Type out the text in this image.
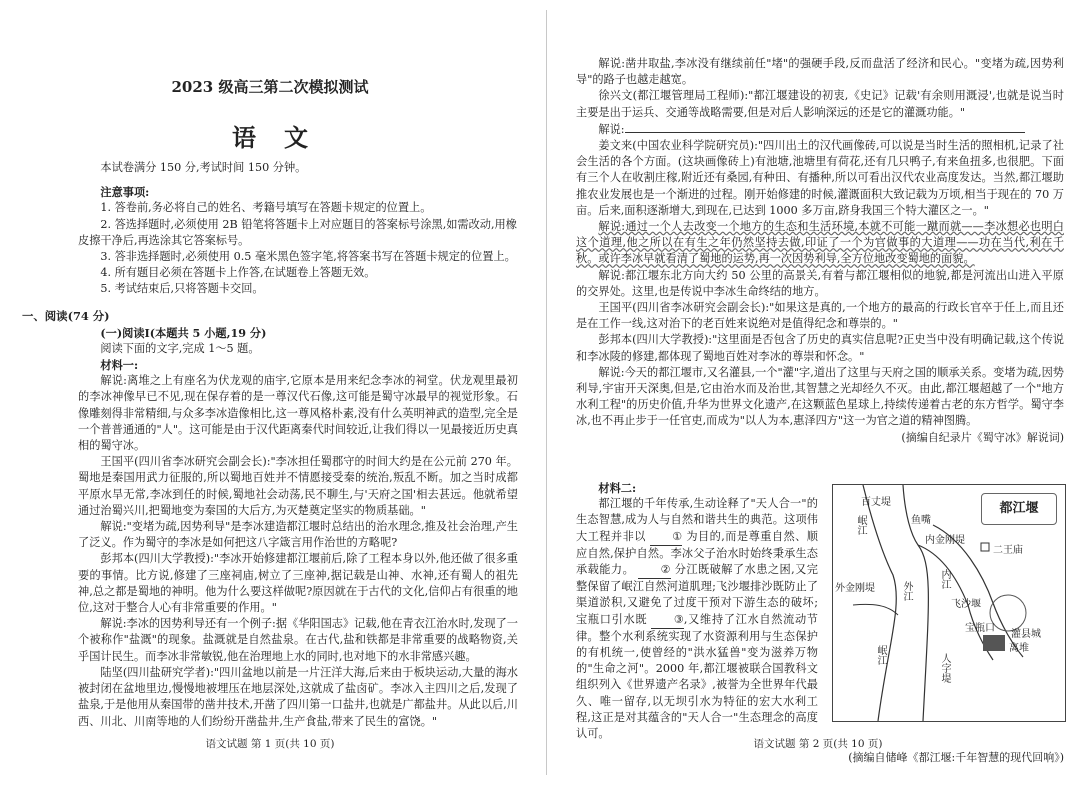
2023 级高三第二次模拟测试
语文

本试卷满分 150 分,考试时间 150 分钟。

注意事项:

1. 答卷前,务必将自己的姓名、考籍号填写在答题卡规定的位置上。

2. 答选择题时,必须使用 2B 铅笔将答题卡上对应题目的答案标号涂黑,如需改动,用橡皮擦干净后,再选涂其它答案标号。

3. 答非选择题时,必须使用 0.5 毫米黑色签字笔,将答案书写在答题卡规定的位置上。

4. 所有题目必须在答题卡上作答,在试题卷上答题无效。

5. 考试结束后,只将答题卡交回。

一、阅读(74 分)

(一)阅读Ⅰ(本题共 5 小题,19 分)

阅读下面的文字,完成 1～5 题。

材料一:

解说:离堆之上有座名为伏龙观的庙宇,它原本是用来纪念李冰的祠堂。伏龙观里最初的李冰神像早已不见,现在保存着的是一尊汉代石像,这可能是蜀守冰最早的视觉形象。石像雕刻得非常精细,与众多李冰造像相比,这一尊风格朴素,没有什么英明神武的造型,完全是一个普普通通的"人"。这可能是由于汉代距离秦代时间较近,让我们得以一见最接近历史真相的蜀守冰。

王国平(四川省李冰研究会副会长):"李冰担任蜀郡守的时间大约是在公元前 270 年。蜀地是秦国用武力征服的,所以蜀地百姓并不情愿接受秦的统治,叛乱不断。加之当时成都平原水旱无常,李冰到任的时候,蜀地社会动荡,民不聊生,与'天府之国'相去甚远。他就希望通过治蜀兴川,把蜀地变为秦国的大后方,为灭楚奠定坚实的物质基础。"

解说:"变堵为疏,因势利导"是李冰建造都江堰时总结出的治水理念,推及社会治理,产生了泛义。作为蜀守的李冰是如何把这八字箴言用作治世的方略呢?

彭邦本(四川大学教授):"李冰开始修建都江堰前后,除了工程本身以外,他还做了很多重要的事情。比方说,修建了三座祠庙,树立了三座神,据记载是山神、水神,还有蜀人的祖先神,总之都是蜀地的神明。他为什么要这样做呢?原因就在于古代的文化,信仰占有很重的地位,这对于整合人心有非常重要的作用。"

解说:李冰的因势利导还有一个例子:据《华阳国志》记载,他在青衣江治水时,发现了一个被称作"盐溉"的现象。盐溉就是自然盐泉。在古代,盐和铁都是非常重要的战略物资,关乎国计民生。而李冰非常敏锐,他在治理地上水的同时,也对地下的水非常感兴趣。

陆坚(四川盐研究学者):"四川盆地以前是一片汪洋大海,后来由于板块运动,大量的海水被封闭在盆地里边,慢慢地被埋压在地层深处,这就成了盐卤矿。李冰入主四川之后,发现了盐泉,于是他用从秦国带的凿井技术,开凿了四川第一口盐井,也就是广都盐井。从此以后,川西、川北、川南等地的人们纷纷开凿盐井,生产食盐,带来了民生的富饶。"

语文试题 第 1 页(共 10 页)

解说:凿井取盐,李冰没有继续前任"堵"的强硬手段,反而盘活了经济和民心。"变堵为疏,因势利导"的路子也越走越宽。

徐兴文(都江堰管理局工程师):"都江堰建设的初衷,《史记》记载'有余则用溉浸',也就是说当时主要是出于运兵、交通等战略需要,但是对后人影响深远的还是它的灌溉功能。"

解说:

姜文来(中国农业科学院研究员):"四川出土的汉代画像砖,可以说是当时生活的照相机,记录了社会生活的各个方面。(这块画像砖上)有池塘,池塘里有荷花,还有几只鸭子,有来鱼扭多,也很肥。下面有三个人在收割庄稼,附近还有桑园,有种田、有播种,所以可看出汉代农业高度发达。当然,都江堰助推农业发展也是一个渐进的过程。刚开始修建的时候,灌溉面积大致记载为万顷,相当于现在的 70 万亩。后来,面积逐渐增大,到现在,已达到 1000 多万亩,跻身我国三个特大灌区之一。"

解说:通过一个人去改变一个地方的生态和生活环境,本就不可能一蹴而就——李冰想必也明白这个道理,他之所以在有生之年仍然坚持去做,印证了一个为官做事的大道理——功在当代,利在千秋。或许李冰早就看清了蜀地的运势,再一次因势利导,全方位地改变蜀地的面貌。

解说:都江堰东北方向大约 50 公里的高景关,有着与都江堰相似的地貌,都是河流出山进入平原的交界处。这里,也是传说中李冰生命终结的地方。

王国平(四川省李冰研究会副会长):"如果这是真的,一个地方的最高的行政长官卒于任上,而且还是在工作一线,这对治下的老百姓来说绝对是值得纪念和尊崇的。"

彭邦本(四川大学教授):"这里面是否包含了历史的真实信息呢?正史当中没有明确记载,这个传说和李冰陵的修建,都体现了蜀地百姓对李冰的尊崇和怀念。"

解说:今天的都江堰市,又名灌县,一个"灌"字,道出了这里与天府之国的顺承关系。变堵为疏,因势利导,宇宙开天深奥,但是,它由治水而及治世,其智慧之光却经久不灭。由此,都江堰超越了一个"地方水利工程"的历史价值,升华为世界文化遗产,在这颗蓝色星球上,持续传递着古老的东方哲学。蜀守李冰,也不再止步于一任官吏,而成为"以人为本,惠泽四方"这一为官之道的精神图腾。

(摘编自纪录片《蜀守冰》解说词)

材料二:

都江堰的千年传承,生动诠释了"天人合一"的生态智慧,成为人与自然和谐共生的典范。这项伟大工程并非以 ① 为目的,而是尊重自然、顺应自然,保护自然。李冰父子治水时始终秉承生态承载能力。 ② 分江既破解了水患之困,又完整保留了岷江自然河道肌理;飞沙堰排沙既防止了渠道淤积,又避免了过度干预对下游生态的破坏;宝瓶口引水既 ③,又维持了江水自然流动节律。整个水利系统实现了水资源利用与生态保护的有机统一,使曾经的"洪水猛兽"变为滋养万物的"生命之河"。2000 年,都江堰被联合国教科文组织列入《世界遗产名录》,被誉为全世界年代最久、唯一留存,以无坝引水为特征的宏大水利工程,这正是对其蕴含的"天人合一"生态理念的高度认可。

都江堰
百丈堤
鱼嘴
内金刚堤
二王庙
外金刚堤	内江
外江
飞沙堰
宝瓶口
岷江
灌县城
人字堤
离堆
岷江

(摘编自储峰《都江堰:千年智慧的现代回响》)

语文试题 第 2 页(共 10 页)
